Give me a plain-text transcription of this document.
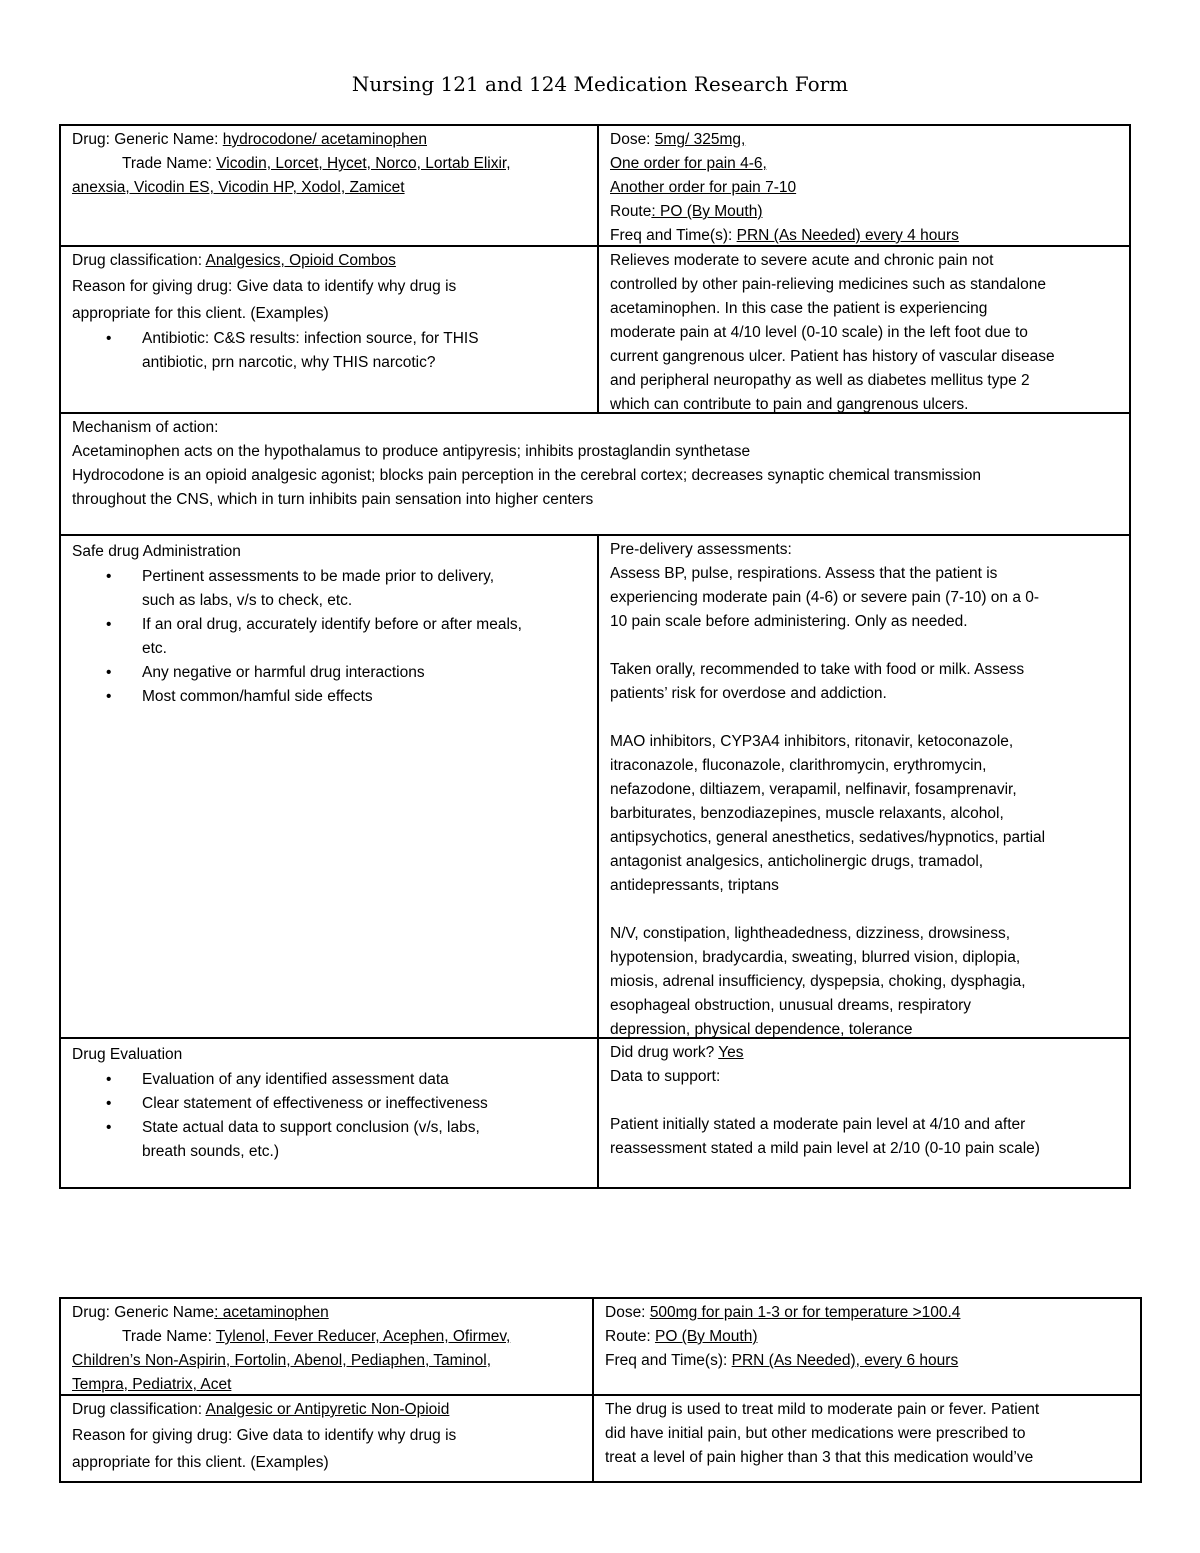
Nursing 121 and 124 Medication Research Form
Drug: Generic Name: hydrocodone/ acetaminophen
Trade Name: Vicodin, Lorcet, Hycet, Norco, Lortab Elixir,
anexsia, Vicodin ES, Vicodin HP, Xodol, Zamicet
Dose: 5mg/ 325mg,
One order for pain 4-6,
Another order for pain 7-10
Route: PO (By Mouth)
Freq and Time(s): PRN (As Needed) every 4 hours
Drug classification: Analgesics, Opioid Combos
Reason for giving drug: Give data to identify why drug is
appropriate for this client. (Examples)
• Antibiotic: C&S results: infection source, for THIS
antibiotic, prn narcotic, why THIS narcotic?
Relieves moderate to severe acute and chronic pain not
controlled by other pain-relieving medicines such as standalone
acetaminophen. In this case the patient is experiencing
moderate pain at 4/10 level (0-10 scale) in the left foot due to
current gangrenous ulcer. Patient has history of vascular disease
and peripheral neuropathy as well as diabetes mellitus type 2
which can contribute to pain and gangrenous ulcers.
Mechanism of action:
Acetaminophen acts on the hypothalamus to produce antipyresis; inhibits prostaglandin synthetase
Hydrocodone is an opioid analgesic agonist; blocks pain perception in the cerebral cortex; decreases synaptic chemical transmission
throughout the CNS, which in turn inhibits pain sensation into higher centers
Safe drug Administration
• Pertinent assessments to be made prior to delivery,
such as labs, v/s to check, etc.
• If an oral drug, accurately identify before or after meals,
etc.
• Any negative or harmful drug interactions
• Most common/hamful side effects
Pre-delivery assessments:
Assess BP, pulse, respirations. Assess that the patient is
experiencing moderate pain (4-6) or severe pain (7-10) on a 0-
10 pain scale before administering. Only as needed.
Taken orally, recommended to take with food or milk. Assess
patients’ risk for overdose and addiction.
MAO inhibitors, CYP3A4 inhibitors, ritonavir, ketoconazole,
itraconazole, fluconazole, clarithromycin, erythromycin,
nefazodone, diltiazem, verapamil, nelfinavir, fosamprenavir,
barbiturates, benzodiazepines, muscle relaxants, alcohol,
antipsychotics, general anesthetics, sedatives/hypnotics, partial
antagonist analgesics, anticholinergic drugs, tramadol,
antidepressants, triptans
N/V, constipation, lightheadedness, dizziness, drowsiness,
hypotension, bradycardia, sweating, blurred vision, diplopia,
miosis, adrenal insufficiency, dyspepsia, choking, dysphagia,
esophageal obstruction, unusual dreams, respiratory
depression, physical dependence, tolerance
Drug Evaluation
• Evaluation of any identified assessment data
• Clear statement of effectiveness or ineffectiveness
• State actual data to support conclusion (v/s, labs,
breath sounds, etc.)
Did drug work? Yes
Data to support:
Patient initially stated a moderate pain level at 4/10 and after
reassessment stated a mild pain level at 2/10 (0-10 pain scale)
Drug: Generic Name: acetaminophen
Trade Name: Tylenol, Fever Reducer, Acephen, Ofirmev,
Children’s Non-Aspirin, Fortolin, Abenol, Pediaphen, Taminol,
Tempra, Pediatrix, Acet
Dose: 500mg for pain 1-3 or for temperature >100.4
Route: PO (By Mouth)
Freq and Time(s): PRN (As Needed), every 6 hours
Drug classification: Analgesic or Antipyretic Non-Opioid
Reason for giving drug: Give data to identify why drug is
appropriate for this client. (Examples)
The drug is used to treat mild to moderate pain or fever. Patient
did have initial pain, but other medications were prescribed to
treat a level of pain higher than 3 that this medication would’ve
